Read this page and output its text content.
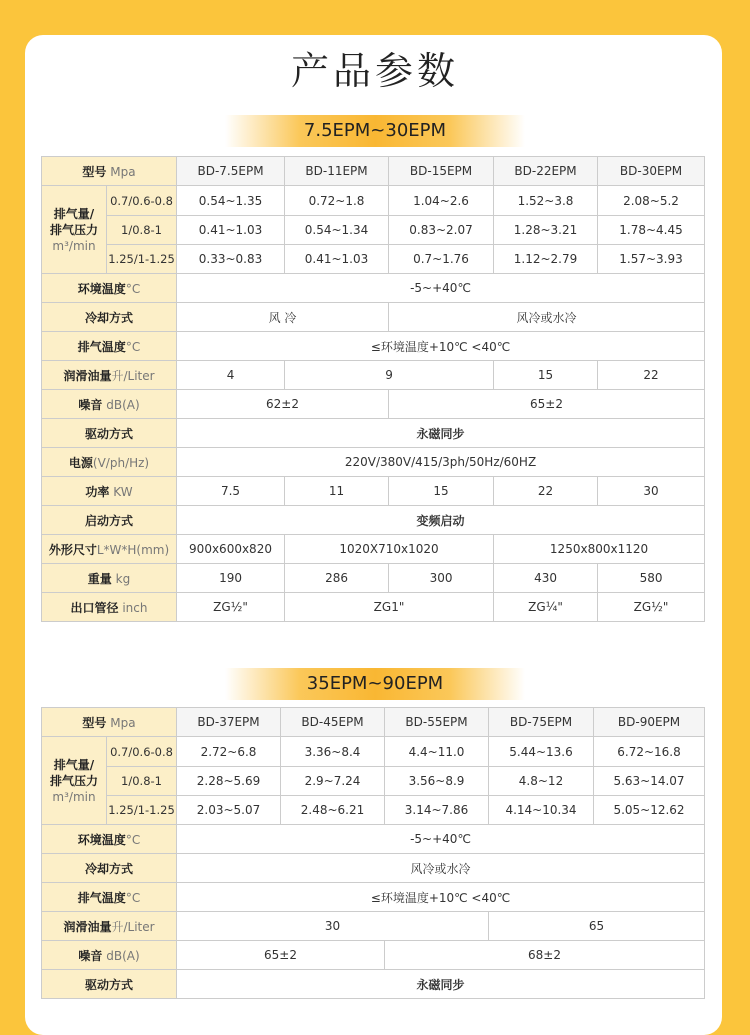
产品参数
7.5EPM~30EPM
型号 Mpa		BD-7.5EPM	BD-11EPM	BD-15EPM	BD-22EPM	BD-30EPM

排气量/
排气压力
m³/min	0.7/0.6-0.8	0.54~1.35	0.72~1.8	1.04~2.6	1.52~3.8	2.08~5.2
	1/0.8-1	0.41~1.03	0.54~1.34	0.83~2.07	1.28~3.21	1.78~4.45
	1.25/1-1.25	0.33~0.83	0.41~1.03	0.7~1.76	1.12~2.79	1.57~3.93
环境温度°C		-5~+40℃				
冷却方式		风 冷		风冷或水冷		
排气温度°C		≤环境温度+10℃ <40℃				
润滑油量升/Liter		4	9		15	22
噪音 dB(A)		62±2		65±2		
驱动方式		永磁同步				
电源(V/ph/Hz)		220V/380V/415/3ph/50Hz/60HZ				
功率 KW		7.5	11	15	22	30
启动方式		变频启动				
外形尺寸L*W*H(mm)		900x600x820	1020X710x1020		1250x800x1120	
重量 kg		190	286	300	430	580
出口管径 inch		ZG½"	ZG1"		ZG¼"	ZG½"
35EPM~90EPM
型号 Mpa		BD-37EPM	BD-45EPM	BD-55EPM	BD-75EPM	BD-90EPM

排气量/
排气压力
m³/min	0.7/0.6-0.8	2.72~6.8	3.36~8.4	4.4~11.0	5.44~13.6	6.72~16.8
	1/0.8-1	2.28~5.69	2.9~7.24	3.56~8.9	4.8~12	5.63~14.07
	1.25/1-1.25	2.03~5.07	2.48~6.21	3.14~7.86	4.14~10.34	5.05~12.62
环境温度°C		-5~+40℃				
冷却方式		风冷或水冷				
排气温度°C		≤环境温度+10℃ <40℃				
润滑油量升/Liter		30			65	
噪音 dB(A)		65±2		68±2		
驱动方式		永磁同步				
